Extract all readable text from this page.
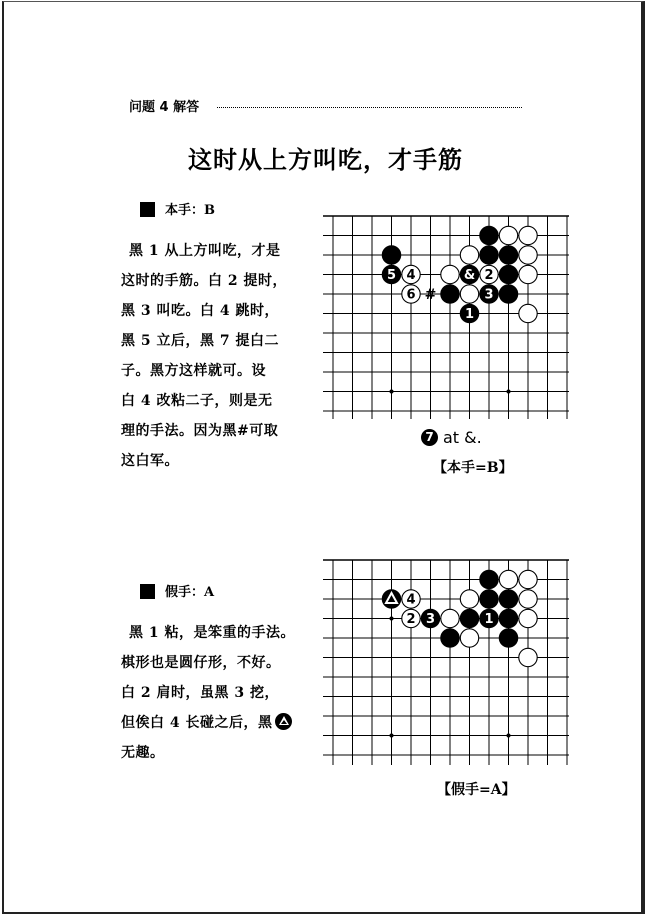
问题 4 解答
这时从上方叫吃，才手筋
本手：B

黑 1 从上方叫吃，才是

这时的手筋。白 2 提时，

黑 3 叫吃。白 4 跳时，

黑 5 立后，黑 7 提白二

子。黑方这样就可。设

白 4 改粘二子，则是无

理的手法。因为黑#可取

这白军。

#
5 4	& 2
6	3
1
7 at &.
【本手=B】
假手：A

黑 1 粘，是笨重的手法。

棋形也是圆仔形，不好。

白 2 肩时，虽黑 3 挖，

但俟白 4 长碰之后，黑

无趣。

4
2 3	1
【假手=A】
